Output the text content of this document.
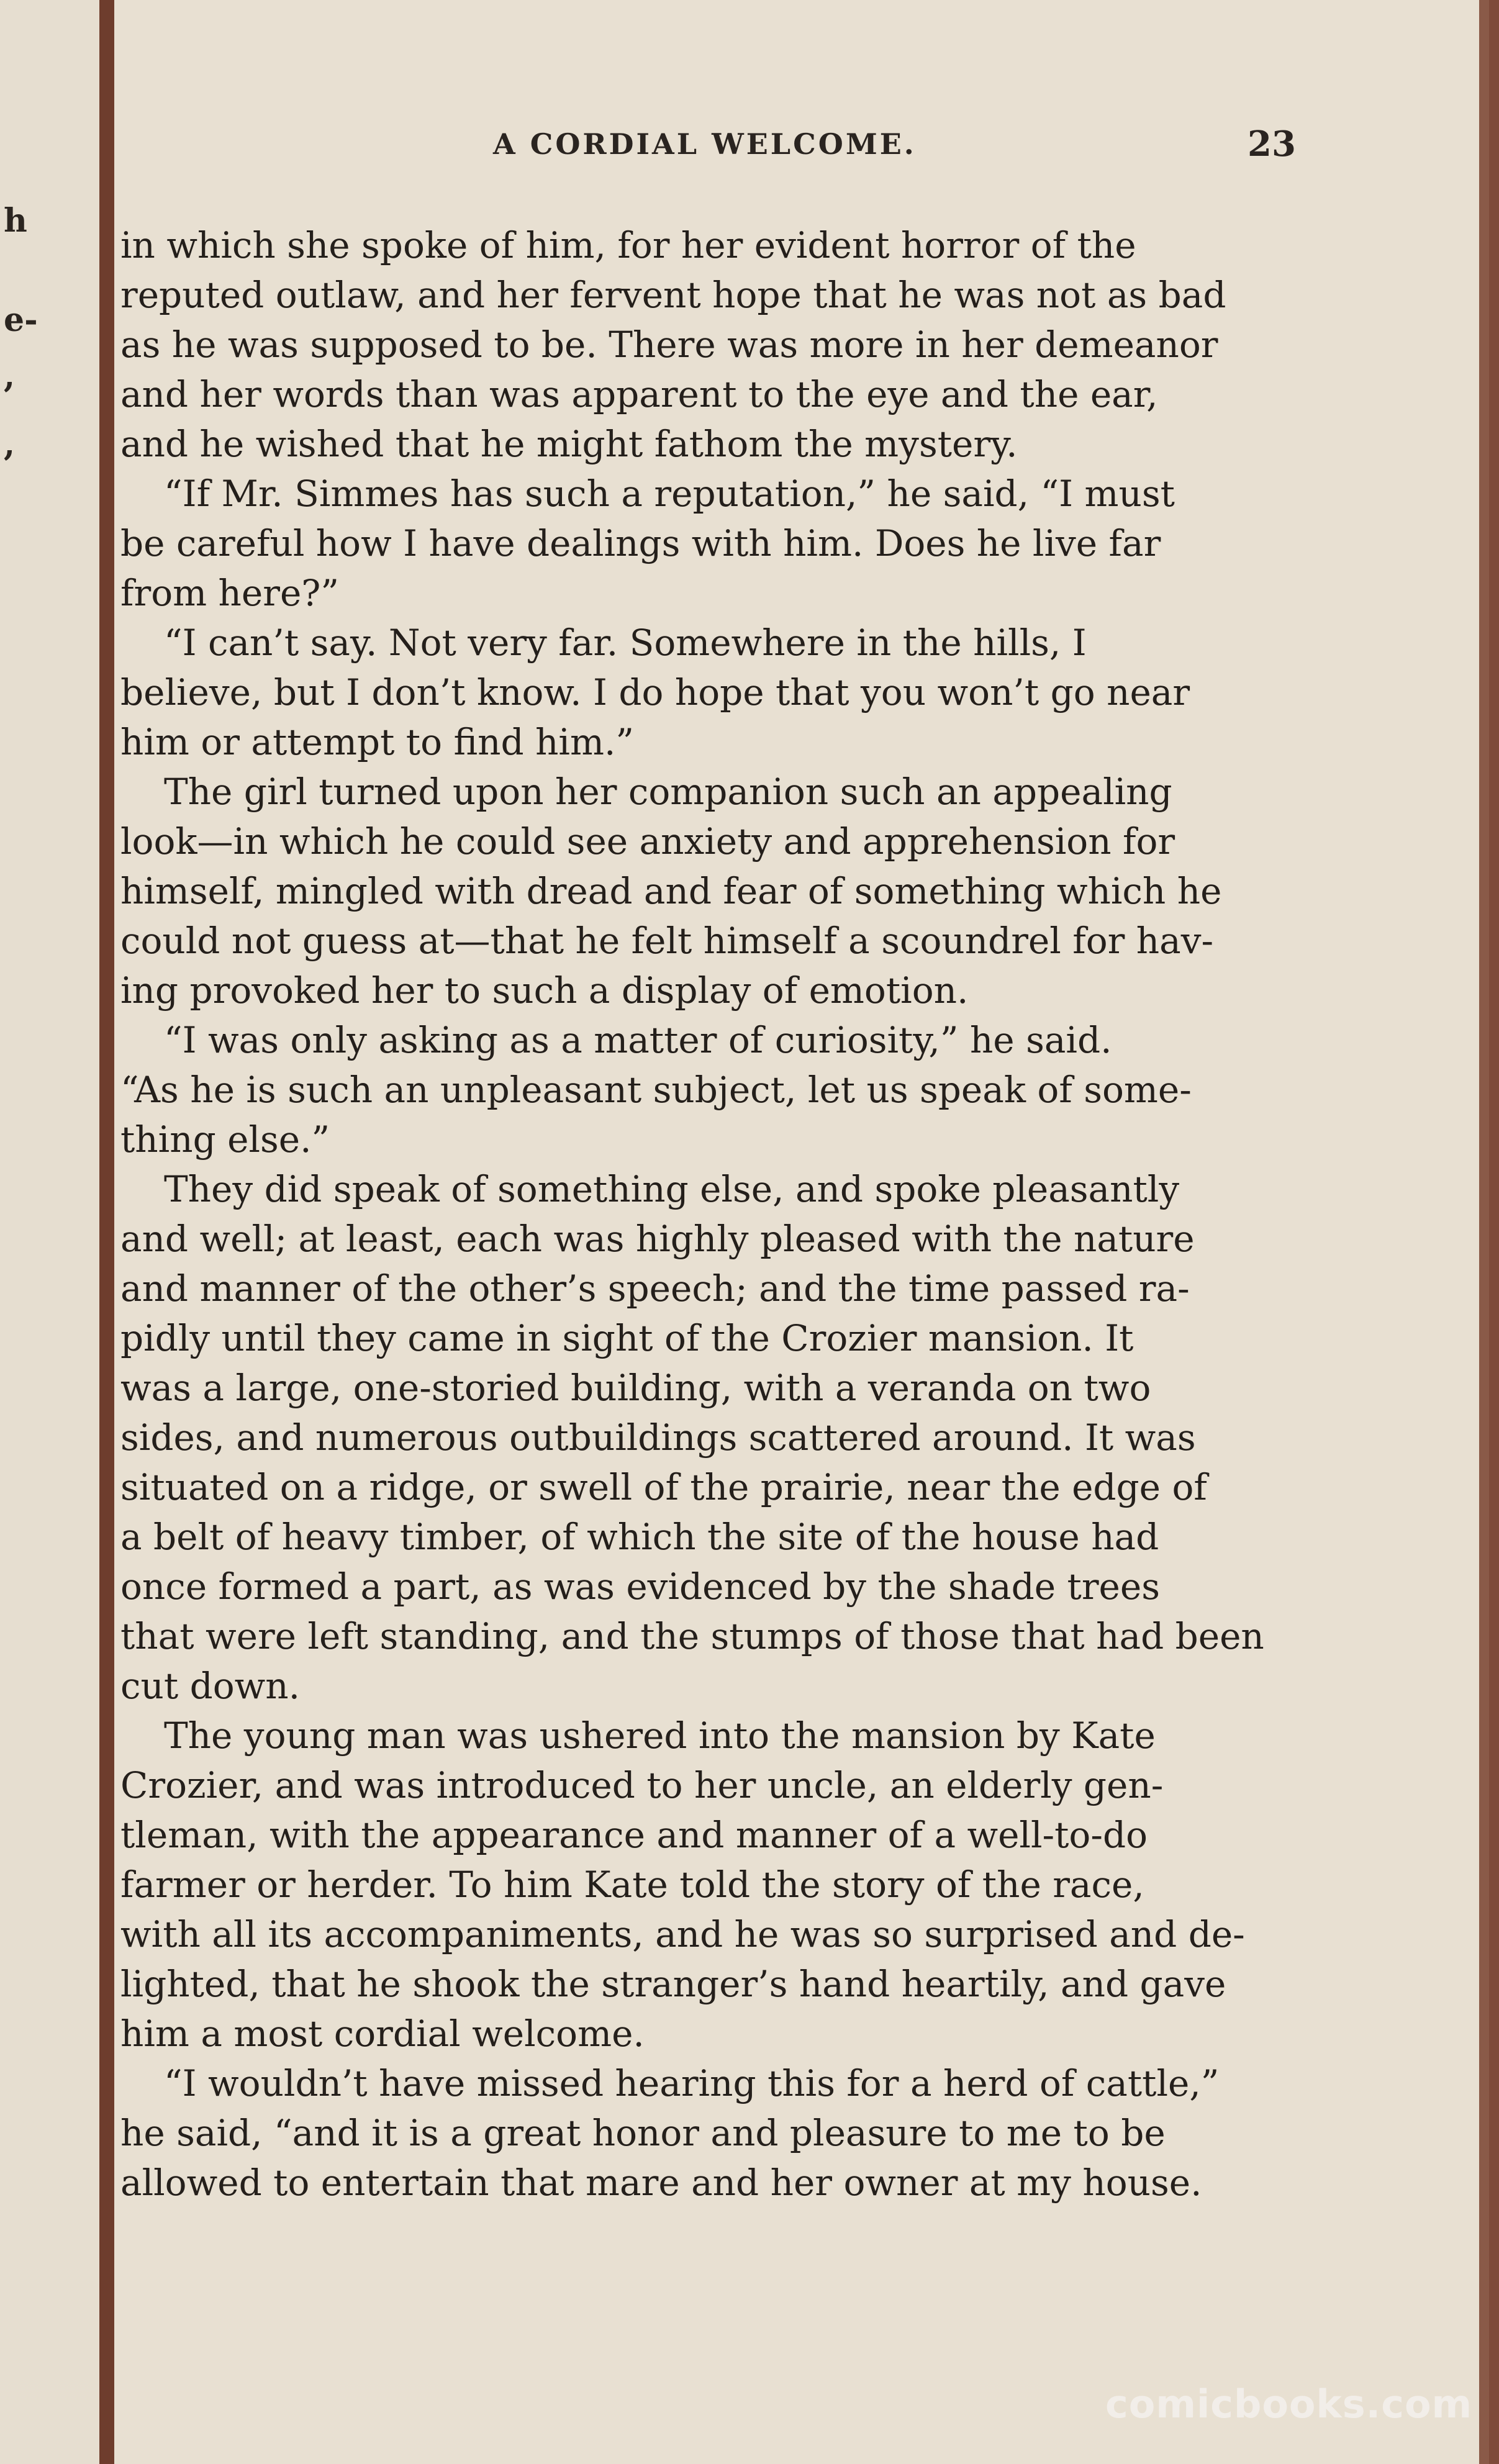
h
e-
,
,
A CORDIAL WELCOME.	23
in which she spoke of him, for her evident horror of the
reputed outlaw, and her fervent hope that he was not as bad
as he was supposed to be. There was more in her demeanor
and her words than was apparent to the eye and the ear,
and he wished that he might fathom the mystery.
“If Mr. Simmes has such a reputation,” he said, “I must
be careful how I have dealings with him. Does he live far
from here?”
“I can’t say. Not very far. Somewhere in the hills, I
believe, but I don’t know. I do hope that you won’t go near
him or attempt to find him.”
The girl turned upon her companion such an appealing
look—in which he could see anxiety and apprehension for
himself, mingled with dread and fear of something which he
could not guess at—that he felt himself a scoundrel for hav-
ing provoked her to such a display of emotion.
“I was only asking as a matter of curiosity,” he said.
“As he is such an unpleasant subject, let us speak of some-
thing else.”
They did speak of something else, and spoke pleasantly
and well; at least, each was highly pleased with the nature
and manner of the other’s speech; and the time passed ra-
pidly until they came in sight of the Crozier mansion. It
was a large, one-storied building, with a veranda on two
sides, and numerous outbuildings scattered around. It was
situated on a ridge, or swell of the prairie, near the edge of
a belt of heavy timber, of which the site of the house had
once formed a part, as was evidenced by the shade trees
that were left standing, and the stumps of those that had been
cut down.
The young man was ushered into the mansion by Kate
Crozier, and was introduced to her uncle, an elderly gen-
tleman, with the appearance and manner of a well-to-do
farmer or herder. To him Kate told the story of the race,
with all its accompaniments, and he was so surprised and de-
lighted, that he shook the stranger’s hand heartily, and gave
him a most cordial welcome.
“I wouldn’t have missed hearing this for a herd of cattle,”
he said, “and it is a great honor and pleasure to me to be
allowed to entertain that mare and her owner at my house.
comicbooks.com
